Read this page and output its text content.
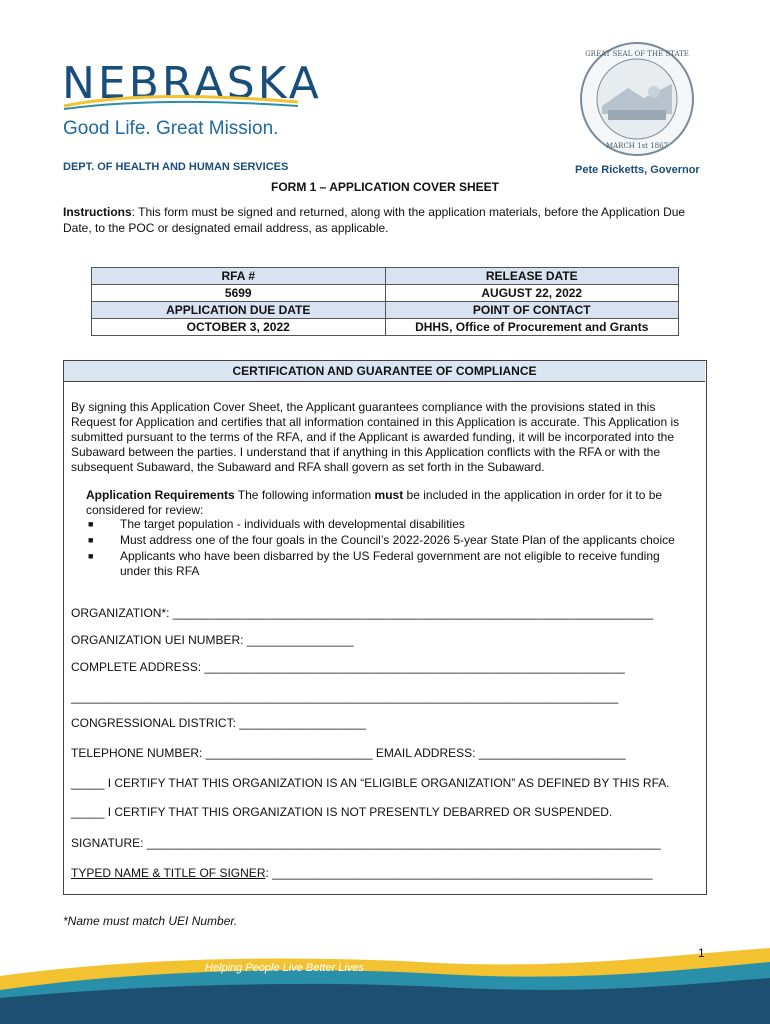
NEBRASKA
Good Life. Great Mission.
DEPT. OF HEALTH AND HUMAN SERVICES
GREAT SEAL OF THE STATE
MARCH 1st 1867
Pete Ricketts, Governor
FORM 1 – APPLICATION COVER SHEET
Instructions: This form must be signed and returned, along with the application materials, before the Application Due Date, to the POC or designated email address, as applicable.
RFA #	RELEASE DATE
5699	AUGUST 22, 2022
APPLICATION DUE DATE	POINT OF CONTACT
OCTOBER 3, 2022	DHHS, Office of Procurement and Grants
CERTIFICATION AND GUARANTEE OF COMPLIANCE
By signing this Application Cover Sheet, the Applicant guarantees compliance with the provisions stated in this Request for Application and certifies that all information contained in this Application is accurate. This Application is submitted pursuant to the terms of the RFA, and if the Applicant is awarded funding, it will be incorporated into the Subaward between the parties. I understand that if anything in this Application conflicts with the RFA or with the subsequent Subaward, the Subaward and RFA shall govern as set forth in the Subaward.
Application Requirements The following information must be included in the application in order for it to be considered for review:
■ The target population - individuals with developmental disabilities
■ Must address one of the four goals in the Council’s 2022-2026 5-year State Plan of the applicants choice
■ Applicants who have been disbarred by the US Federal government are not eligible to receive funding under this RFA
ORGANIZATION*: ________________________________________________________________________
ORGANIZATION UEI NUMBER: ________________
COMPLETE ADDRESS: _______________________________________________________________
__________________________________________________________________________________
CONGRESSIONAL DISTRICT: ___________________
TELEPHONE NUMBER: _________________________ EMAIL ADDRESS: ______________________
_____ I CERTIFY THAT THIS ORGANIZATION IS AN “ELIGIBLE ORGANIZATION” AS DEFINED BY THIS RFA.
_____ I CERTIFY THAT THIS ORGANIZATION IS NOT PRESENTLY DEBARRED OR SUSPENDED.
SIGNATURE: _____________________________________________________________________________
TYPED NAME & TITLE OF SIGNER: _________________________________________________________
*Name must match UEI Number.
Helping People Live Better Lives
1
